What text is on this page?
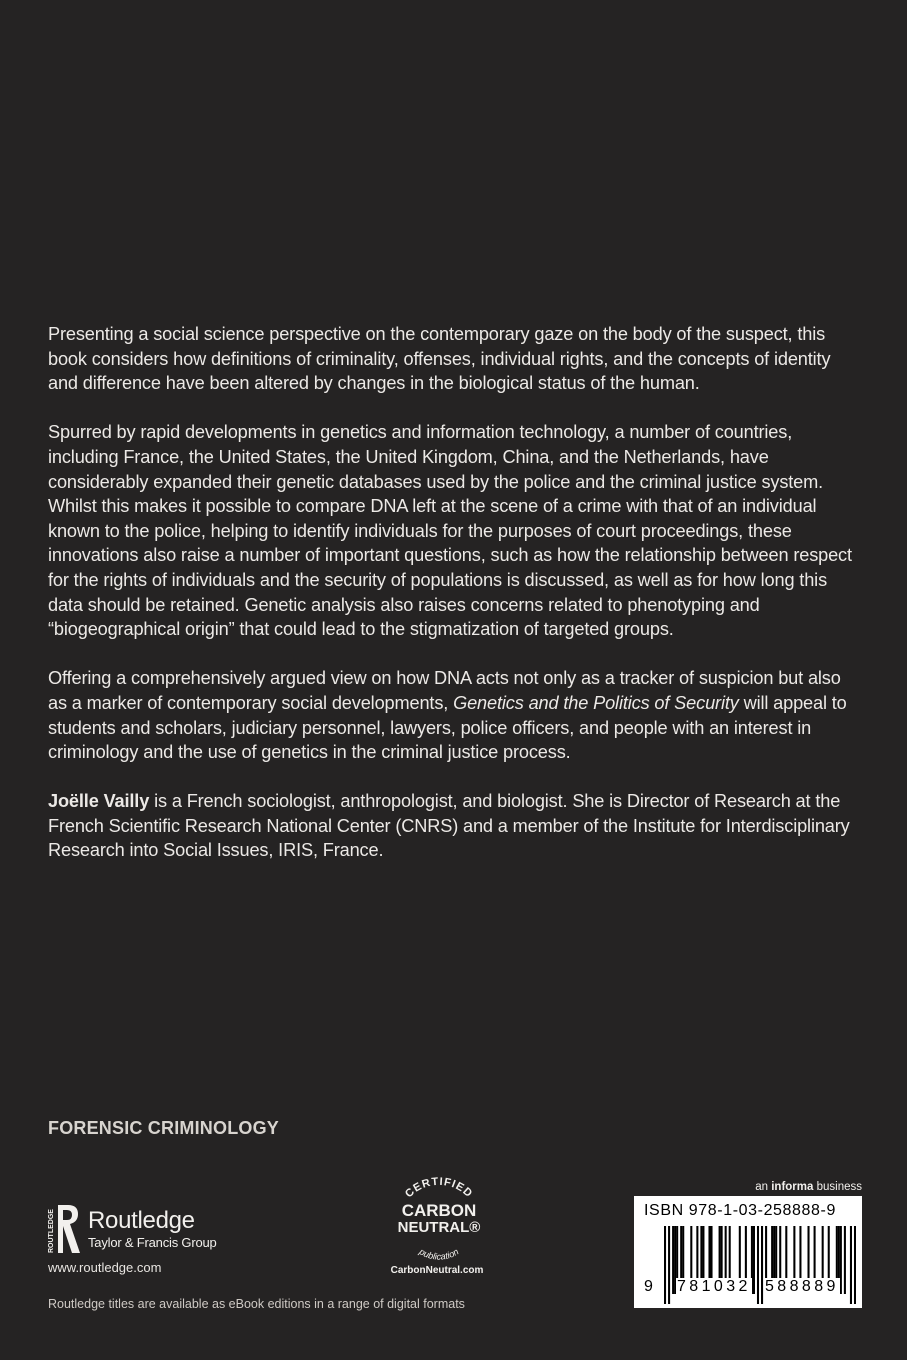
Presenting a social science perspective on the contemporary gaze on the body of the suspect, this book considers how definitions of criminality, offenses, individual rights, and the concepts of identity and difference have been altered by changes in the biological status of the human.

Spurred by rapid developments in genetics and information technology, a number of countries, including France, the United States, the United Kingdom, China, and the Netherlands, have considerably expanded their genetic databases used by the police and the criminal justice system. Whilst this makes it possible to compare DNA left at the scene of a crime with that of an individual known to the police, helping to identify individuals for the purposes of court proceedings, these innovations also raise a number of important questions, such as how the relationship between respect for the rights of individuals and the security of populations is discussed, as well as for how long this data should be retained. Genetic analysis also raises concerns related to phenotyping and “biogeographical origin” that could lead to the stigmatization of targeted groups.

Offering a comprehensively argued view on how DNA acts not only as a tracker of suspicion but also as a marker of contemporary social developments, Genetics and the Politics of Security will appeal to students and scholars, judiciary personnel, lawyers, police officers, and people with an interest in criminology and the use of genetics in the criminal justice process.

Joëlle Vailly is a French sociologist, anthropologist, and biologist. She is Director of Research at the French Scientific Research National Center (CNRS) and a member of the Institute for Interdisciplinary Research into Social Issues, IRIS, France.

FORENSIC CRIMINOLOGY
ROUTLEDGE Routledge
Taylor & Francis Group
www.routledge.com
Routledge titles are available as eBook editions in a range of digital formats
CERTIFIED
CARBON
NEUTRAL®
publication
CarbonNeutral.com
an informa business
ISBN 978-1-03-258888-9
9 781032 588889
